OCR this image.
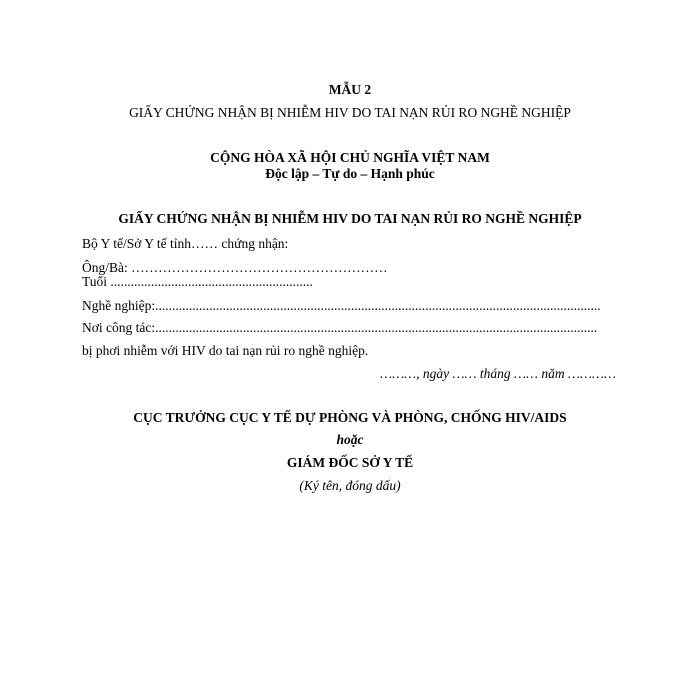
MẪU 2
GIẤY CHỨNG NHẬN BỊ NHIỄM HIV DO TAI NẠN RỦI RO NGHỀ NGHIỆP
CỘNG HÒA XÃ HỘI CHỦ NGHĨA VIỆT NAM
Độc lập – Tự do – Hạnh phúc
GIẤY CHỨNG NHẬN BỊ NHIỄM HIV DO TAI NẠN RỦI RO NGHỀ NGHIỆP
Bộ Y tế/Sở Y tế tỉnh…… chứng nhận:
Ông/Bà: …………………………………………………
Tuổi ............................................................
Nghề nghiệp:....................................................................................................................................
Nơi công tác:...................................................................................................................................
bị phơi nhiễm với HIV do tai nạn rủi ro nghề nghiệp.
………, ngày …… tháng …… năm …………
CỤC TRƯỞNG CỤC Y TẾ DỰ PHÒNG VÀ PHÒNG, CHỐNG HIV/AIDS
hoặc
GIÁM ĐỐC SỞ Y TẾ
(Ký tên, đóng dấu)
